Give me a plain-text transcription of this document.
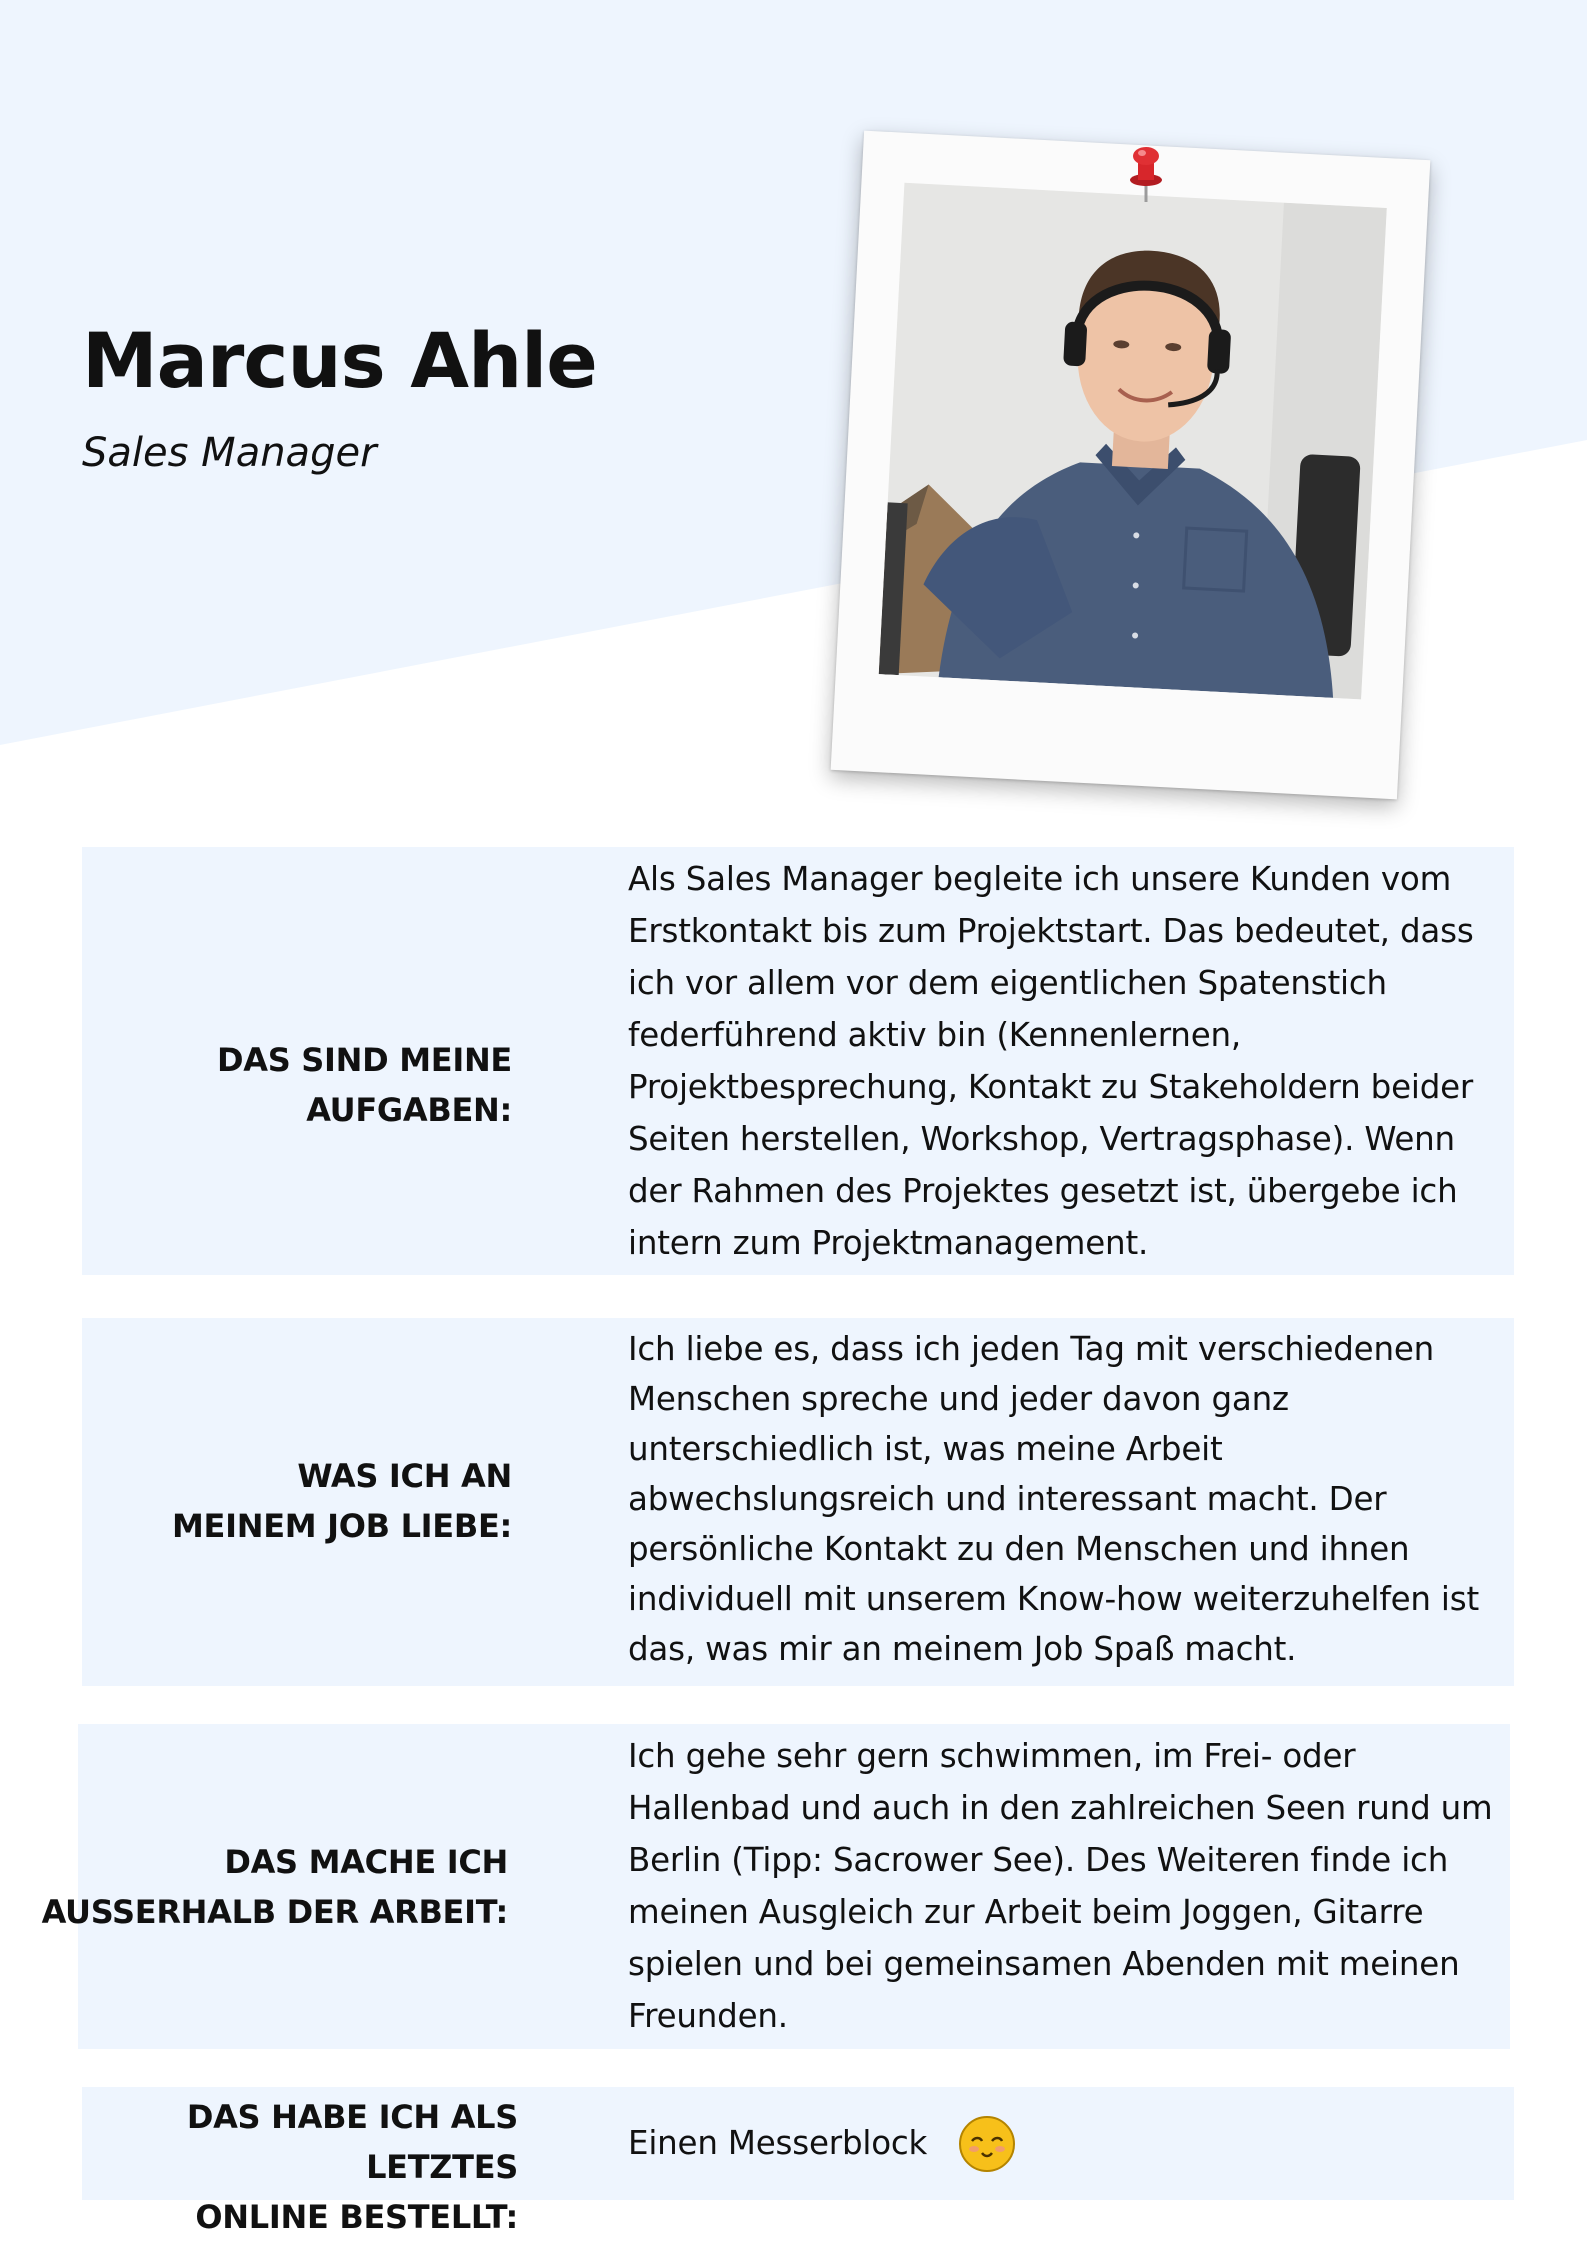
Marcus Ahle

Sales Manager

DAS SIND MEINE AUFGABEN:
Als Sales Manager begleite ich unsere Kunden vom
Erstkontakt bis zum Projektstart. Das bedeutet, dass
ich vor allem vor dem eigentlichen Spatenstich
federführend aktiv bin (Kennenlernen,
Projektbesprechung, Kontakt zu Stakeholdern beider
Seiten herstellen, Workshop, Vertragsphase). Wenn
der Rahmen des Projektes gesetzt ist, übergebe ich
intern zum Projektmanagement.
WAS ICH AN
MEINEM JOB LIEBE:
Ich liebe es, dass ich jeden Tag mit verschiedenen
Menschen spreche und jeder davon ganz
unterschiedlich ist, was meine Arbeit
abwechslungsreich und interessant macht. Der
persönliche Kontakt zu den Menschen und ihnen
individuell mit unserem Know-how weiterzuhelfen ist
das, was mir an meinem Job Spaß macht.
DAS MACHE ICH
AUSSERHALB DER ARBEIT:
Ich gehe sehr gern schwimmen, im Frei- oder
Hallenbad und auch in den zahlreichen Seen rund um
Berlin (Tipp: Sacrower See). Des Weiteren finde ich
meinen Ausgleich zur Arbeit beim Joggen, Gitarre
spielen und bei gemeinsamen Abenden mit meinen
Freunden.
DAS HABE ICH ALS LETZTES
ONLINE BESTELLT:
Einen Messerblock
